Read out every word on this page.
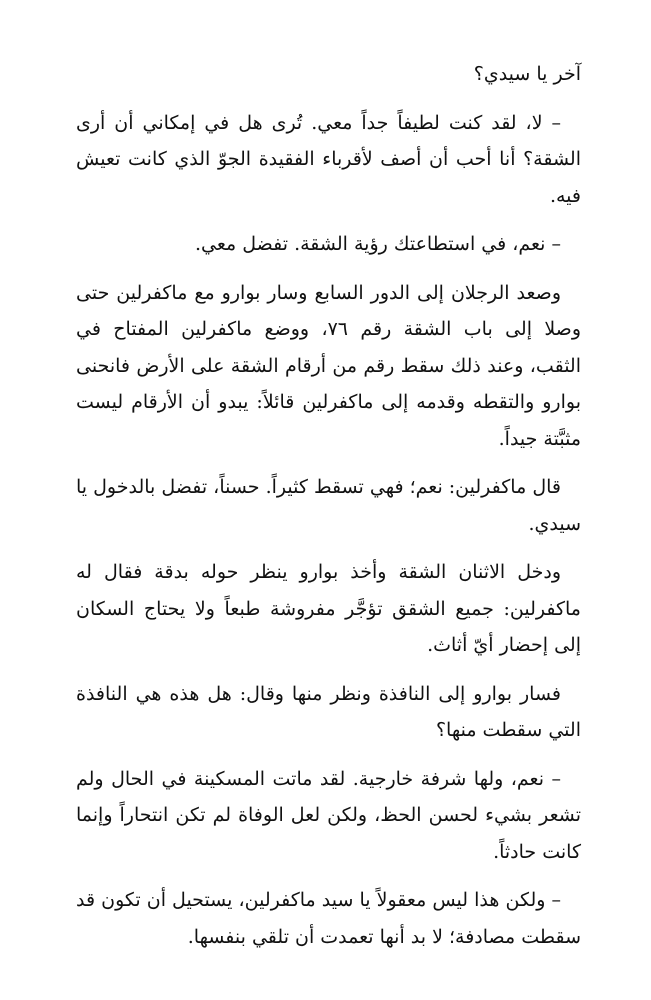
آخر يا سيدي؟

– لا، لقد كنت لطيفاً جداً معي. تُرى هل في إمكاني أن أرى الشقة؟ أنا أحب أن أصف لأقرباء الفقيدة الجوّ الذي كانت تعيش فيه.

– نعم، في استطاعتك رؤية الشقة. تفضل معي.

وصعد الرجلان إلى الدور السابع وسار بوارو مع ماكفرلين حتى وصلا إلى باب الشقة رقم ٧٦، ووضع ماكفرلين المفتاح في الثقب، وعند ذلك سقط رقم من أرقام الشقة على الأرض فانحنى بوارو والتقطه وقدمه إلى ماكفرلين قائلاً: يبدو أن الأرقام ليست مثبَّتة جيداً.

قال ماكفرلين: نعم؛ فهي تسقط كثيراً. حسناً، تفضل بالدخول يا سيدي.

ودخل الاثنان الشقة وأخذ بوارو ينظر حوله بدقة فقال له ماكفرلين: جميع الشقق تؤجَّر مفروشة طبعاً ولا يحتاج السكان إلى إحضار أيّ أثاث.

فسار بوارو إلى النافذة ونظر منها وقال: هل هذه هي النافذة التي سقطت منها؟

– نعم، ولها شرفة خارجية. لقد ماتت المسكينة في الحال ولم تشعر بشيء لحسن الحظ، ولكن لعل الوفاة لم تكن انتحاراً وإنما كانت حادثاً.

– ولكن هذا ليس معقولاً يا سيد ماكفرلين، يستحيل أن تكون قد سقطت مصادفة؛ لا بد أنها تعمدت أن تلقي بنفسها.
